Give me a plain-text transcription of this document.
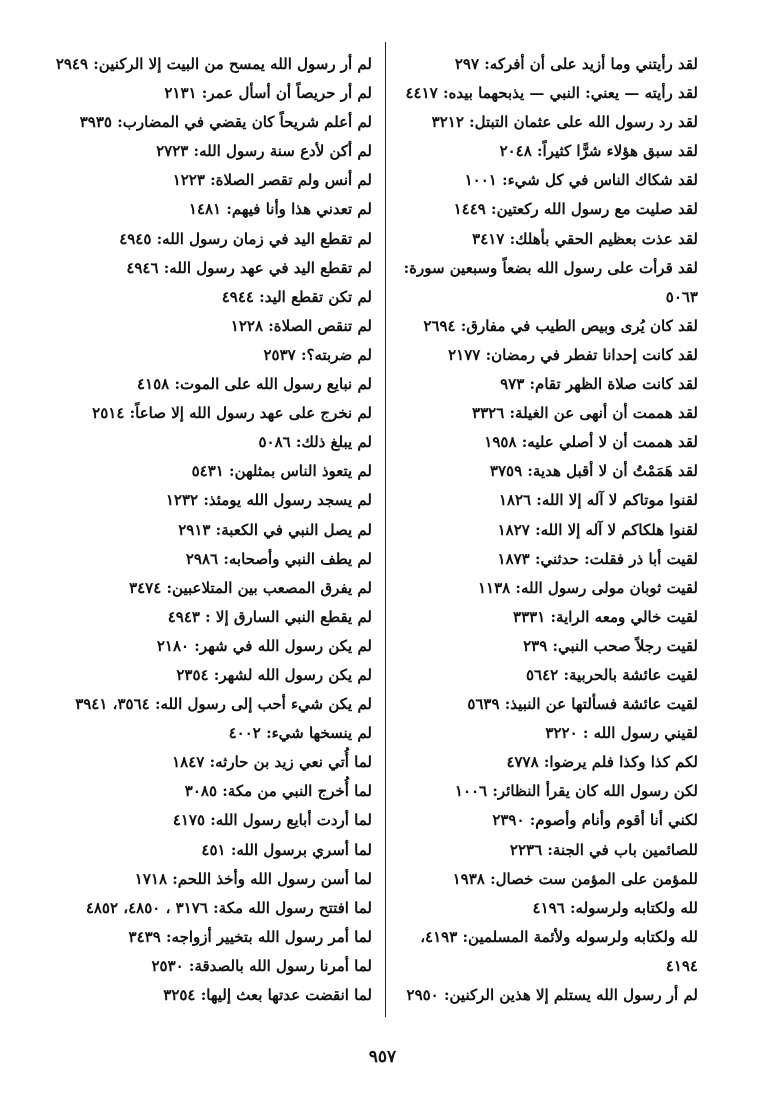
لقد رأيتني وما أزيد على أن أفركه: ٢٩٧
لقد رأيته — يعني: النبي — يذبحهما بيده: ٤٤١٧
لقد رد رسول الله على عثمان التبتل: ٣٢١٢
لقد سبق هؤلاء شرًّا كثيراً: ٢٠٤٨
لقد شكاك الناس في كل شيء: ١٠٠١
لقد صليت مع رسول الله ركعتين: ١٤٤٩
لقد عذت بعظيم الحقي بأهلك: ٣٤١٧
لقد قرأت على رسول الله بضعاً وسبعين سورة:
٥٠٦٣
لقد كان يُرى وبيص الطيب في مفارق: ٢٦٩٤
لقد كانت إحدانا تفطر في رمضان: ٢١٧٧
لقد كانت صلاة الظهر تقام: ٩٧٣
لقد هممت أن أنهى عن الغيلة: ٣٣٢٦
لقد هممت أن لا أصلي عليه: ١٩٥٨
لقد هَمَمْتُ أن لا أقبل هدية: ٣٧٥٩
لقنوا موتاكم لا آله إلا الله: ١٨٢٦
لقنوا هلكاكم لا آله إلا الله: ١٨٢٧
لقيت أبا ذر فقلت: حدثني: ١٨٧٣
لقيت ثوبان مولى رسول الله: ١١٣٨
لقيت خالي ومعه الراية: ٣٣٣١
لقيت رجلاً صحب النبي: ٢٣٩
لقيت عائشة بالحربية: ٥٦٤٢
لقيت عائشة فسألتها عن النبيذ: ٥٦٣٩
لقيني رسول الله : ٣٢٢٠
لكم كذا وكذا فلم يرضوا: ٤٧٧٨
لكن رسول الله كان يقرأ النظائر: ١٠٠٦
لكني أنا أقوم وأنام وأصوم: ٢٣٩٠
للصائمين باب في الجنة: ٢٢٣٦
للمؤمن على المؤمن ست خصال: ١٩٣٨
لله ولكتابه ولرسوله: ٤١٩٦
لله ولكتابه ولرسوله ولأئمة المسلمين: ٤١٩٣،
٤١٩٤
لم أر رسول الله يستلم إلا هذين الركنين: ٢٩٥٠
لم أر رسول الله يمسح من البيت إلا الركنين: ٢٩٤٩
لم أر حريصاً أن أسأل عمر: ٢١٣١
لم أعلم شريحاً كان يقضي في المضارب: ٣٩٣٥
لم أكن لأدع سنة رسول الله: ٢٧٢٣
لم أنس ولم تقصر الصلاة: ١٢٢٣
لم تعدني هذا وأنا فيهم: ١٤٨١
لم تقطع اليد في زمان رسول الله: ٤٩٤٥
لم تقطع اليد في عهد رسول الله: ٤٩٤٦
لم تكن تقطع اليد: ٤٩٤٤
لم تنقص الصلاة: ١٢٢٨
لم ضربته؟: ٢٥٣٧
لم نبايع رسول الله على الموت: ٤١٥٨
لم نخرج على عهد رسول الله إلا صاعاً: ٢٥١٤
لم يبلغ ذلك: ٥٠٨٦
لم يتعوذ الناس بمثلهن: ٥٤٣١
لم يسجد رسول الله يومئذ: ١٢٣٢
لم يصل النبي في الكعبة: ٢٩١٣
لم يطف النبي وأصحابه: ٢٩٨٦
لم يفرق المصعب بين المتلاعبين: ٣٤٧٤
لم يقطع النبي السارق إلا : ٤٩٤٣
لم يكن رسول الله في شهر: ٢١٨٠
لم يكن رسول الله لشهر: ٢٣٥٤
لم يكن شيء أحب إلى رسول الله: ٣٥٦٤، ٣٩٤١
لم ينسخها شيء: ٤٠٠٢
لما أُتي نعي زيد بن حارثه: ١٨٤٧
لما أُخرج النبي من مكة: ٣٠٨٥
لما أردت أبايع رسول الله: ٤١٧٥
لما أسري برسول الله: ٤٥١
لما أسن رسول الله وأخذ اللحم: ١٧١٨
لما افتتح رسول الله مكة: ٣١٧٦ ، ٤٨٥٠، ٤٨٥٢
لما أمر رسول الله بتخيير أزواجه: ٣٤٣٩
لما أمرنا رسول الله بالصدقة: ٢٥٣٠
لما انقضت عدتها بعث إليها: ٣٢٥٤
٩٥٧
